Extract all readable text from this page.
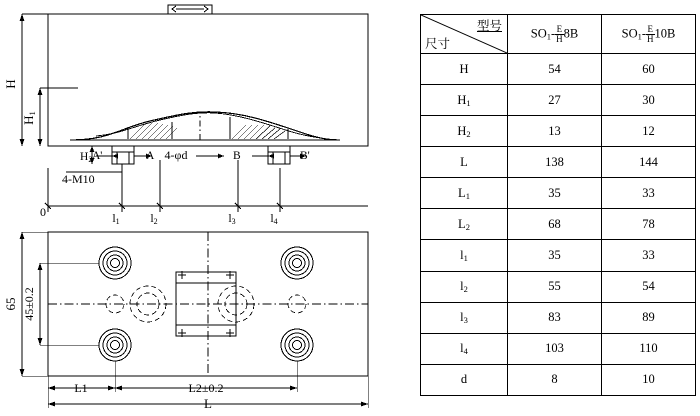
H
H1
H2 A'	A	B	B'
4-φd
4-M10
0	l1	l2	l3	l4
65 45±0.2
L1	L2±0.2
L
型号
尺寸	$SO_1- \frac{E}{H} 8B$	$SO_1- \frac{E}{H} 10B$
H	54	60
$H_1$	27	30
$H_2$	13	12
L	138	144
$L_1$	35	33
$L_2$	68	78
$l_1$	35	33
$l_2$	55	54
$l_3$	83	89
$l_4$	103	110
d	8	10
